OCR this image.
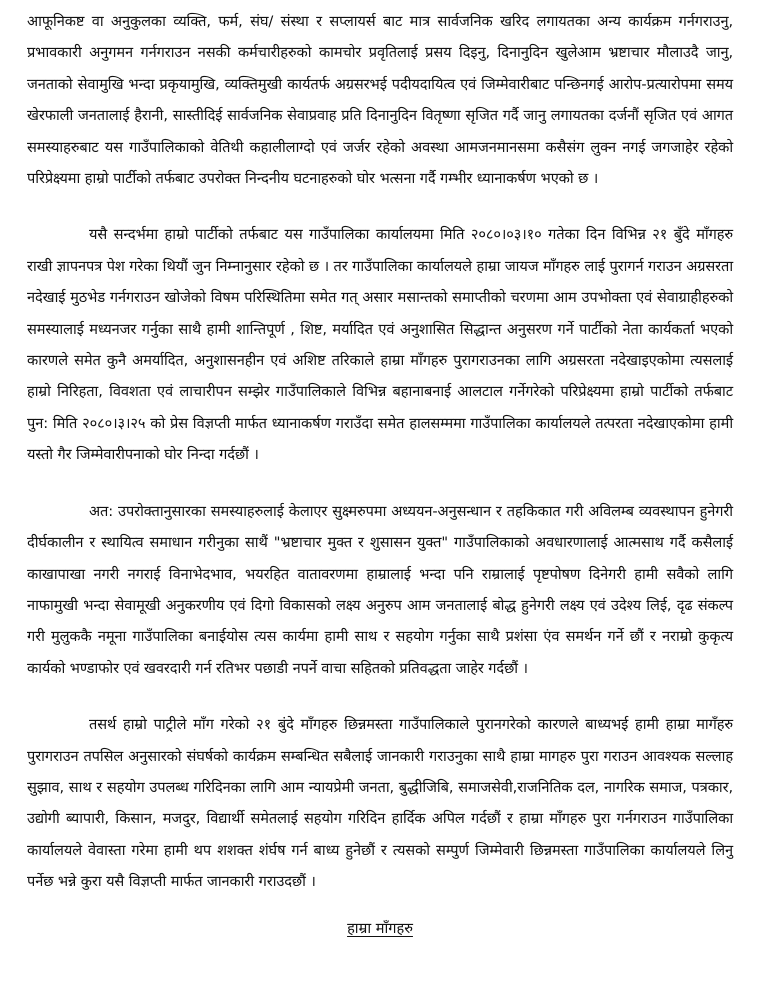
आफूनिकष्ट वा अनुकुलका व्यक्ति, फर्म, संघ/ संस्था र सप्लायर्स बाट मात्र सार्वजनिक खरिद लगायतका अन्य कार्यक्रम गर्नगराउनु, प्रभावकारी अनुगमन गर्नगराउन नसकी कर्मचारीहरुको कामचोर प्रवृतिलाई प्रसय दिइनु, दिनानुदिन खुलेआम भ्रष्टाचार मौलाउदै जानु, जनताको सेवामुखि भन्दा प्रकृयामुखि, व्यक्तिमुखी कार्यतर्फ अग्रसरभई पदीयदायित्व एवं जिम्मेवारीबाट पन्छिनगई आरोप-प्रत्यारोपमा समय खेरफाली जनतालाई हैरानी, सास्तीदिई सार्वजनिक सेवाप्रवाह प्रति दिनानुदिन वितृष्णा सृजित गर्दै जानु लगायतका दर्जनौं सृजित एवं आगत समस्याहरुबाट यस गाउँपालिकाको वेतिथी कहालीलाग्दो एवं जर्जर रहेको अवस्था आमजनमानसमा कसैसंग लुक्न नगई जगजाहेर रहेको परिप्रेक्ष्यमा हाम्रो पार्टीको तर्फबाट उपरोक्त निन्दनीय घटनाहरुको घोर भत्सना गर्दै गम्भीर ध्यानाकर्षण भएको छ ।

यसै सन्दर्भमा हाम्रो पार्टीको तर्फबाट यस गाउँपालिका कार्यालयमा मिति २०८०।०३।१० गतेका दिन विभिन्न २१ बुँदे माँगहरु राखी ज्ञापनपत्र पेश गरेका थियौं जुन निम्नानुसार रहेको छ । तर गाउँपालिका कार्यालयले हाम्रा जायज माँगहरु लाई पुरागर्न गराउन अग्रसरता नदेखाई मुठभेड गर्नगराउन खोजेको विषम परिस्थितिमा समेत गत् असार मसान्तको समाप्तीको चरणमा आम उपभोक्ता एवं सेवाग्राहीहरुको समस्यालाई मध्यनजर गर्नुका साथै हामी शान्तिपूर्ण , शिष्ट, मर्यादित एवं अनुशासित सिद्धान्त अनुसरण गर्ने पार्टीको नेता कार्यकर्ता भएको कारणले समेत कुनै अमर्यादित, अनुशासनहीन एवं अशिष्ट तरिकाले हाम्रा माँगहरु पुरागराउनका लागि अग्रसरता नदेखाइएकोमा त्यसलाई हाम्रो निरिहता, विवशता एवं लाचारीपन सम्झेर गाउँपालिकाले विभिन्न बहानाबनाई आलटाल गर्नेगरेको परिप्रेक्ष्यमा हाम्रो पार्टीको तर्फबाट पुन: मिति २०८०।३।२५ को प्रेस विज्ञप्ती मार्फत ध्यानाकर्षण गराउँदा समेत हालसम्ममा गाउँपालिका कार्यालयले तत्परता नदेखाएकोमा हामी यस्तो गैर जिम्मेवारीपनाको घोर निन्दा गर्दछौं ।

अत: उपरोक्तानुसारका समस्याहरुलाई केलाएर सुक्ष्मरुपमा अध्ययन-अनुसन्धान र तहकिकात गरी अविलम्ब व्यवस्थापन हुनेगरी दीर्घकालीन र स्थायित्व समाधान गरीनुका साथैं "भ्रष्टाचार मुक्त र शुसासन युक्त" गाउँपालिकाको अवधारणालाई आत्मसाथ गर्दै कसैलाई काखापाखा नगरी नगराई विनाभेदभाव, भयरहित वातावरणमा हाम्रालाई भन्दा पनि राम्रालाई पृष्टपोषण दिनेगरी हामी सवैको लागि नाफामुखी भन्दा सेवामूखी अनुकरणीय एवं दिगो विकासको लक्ष्य अनुरुप आम जनतालाई बोद्ध हुनेगरी लक्ष्य एवं उदेश्य लिई, दृढ संकल्प गरी मुलुककै नमूना गाउँपालिका बनाईयोस त्यस कार्यमा हामी साथ र सहयोग गर्नुका साथै प्रशंसा एंव समर्थन गर्ने छौं र नराम्रो कुकृत्य कार्यको भण्डाफोर एवं खवरदारी गर्न रतिभर पछाडी नपर्ने वाचा सहितको प्रतिवद्धता जाहेर गर्दछौं ।

तसर्थ हाम्रो पाट्रीले माँग गरेको २१ बुंदे माँगहरु छिन्नमस्ता गाउँपालिकाले पुरानगरेको कारणले बाध्यभई हामी हाम्रा मागँहरु पुरागराउन तपसिल अनुसारको संघर्षको कार्यक्रम सम्बन्धित सबैलाई जानकारी गराउनुका साथै हाम्रा मागहरु पुरा गराउन आवश्यक सल्लाह सुझाव, साथ र सहयोग उपलब्ध गरिदिनका लागि आम न्यायप्रेमी जनता, बुद्धीजिबि, समाजसेवी,राजनितिक दल, नागरिक समाज, पत्रकार, उद्योगी ब्यापारी, किसान, मजदुर, विद्यार्थी समेतलाई सहयोग गरिदिन हार्दिक अपिल गर्दछौं र हाम्रा माँगहरु पुरा गर्नगराउन गाउँपालिका कार्यालयले वेवास्ता गरेमा हामी थप शशक्त शंर्घष गर्न बाध्य हुनेछौं र त्यसको सम्पुर्ण जिम्मेवारी छिन्नमस्ता गाउँपालिका कार्यालयले लिनु पर्नेछ भन्ने कुरा यसै विज्ञप्ती मार्फत जानकारी गराउदछौं ।

हाम्रा माँगहरु
